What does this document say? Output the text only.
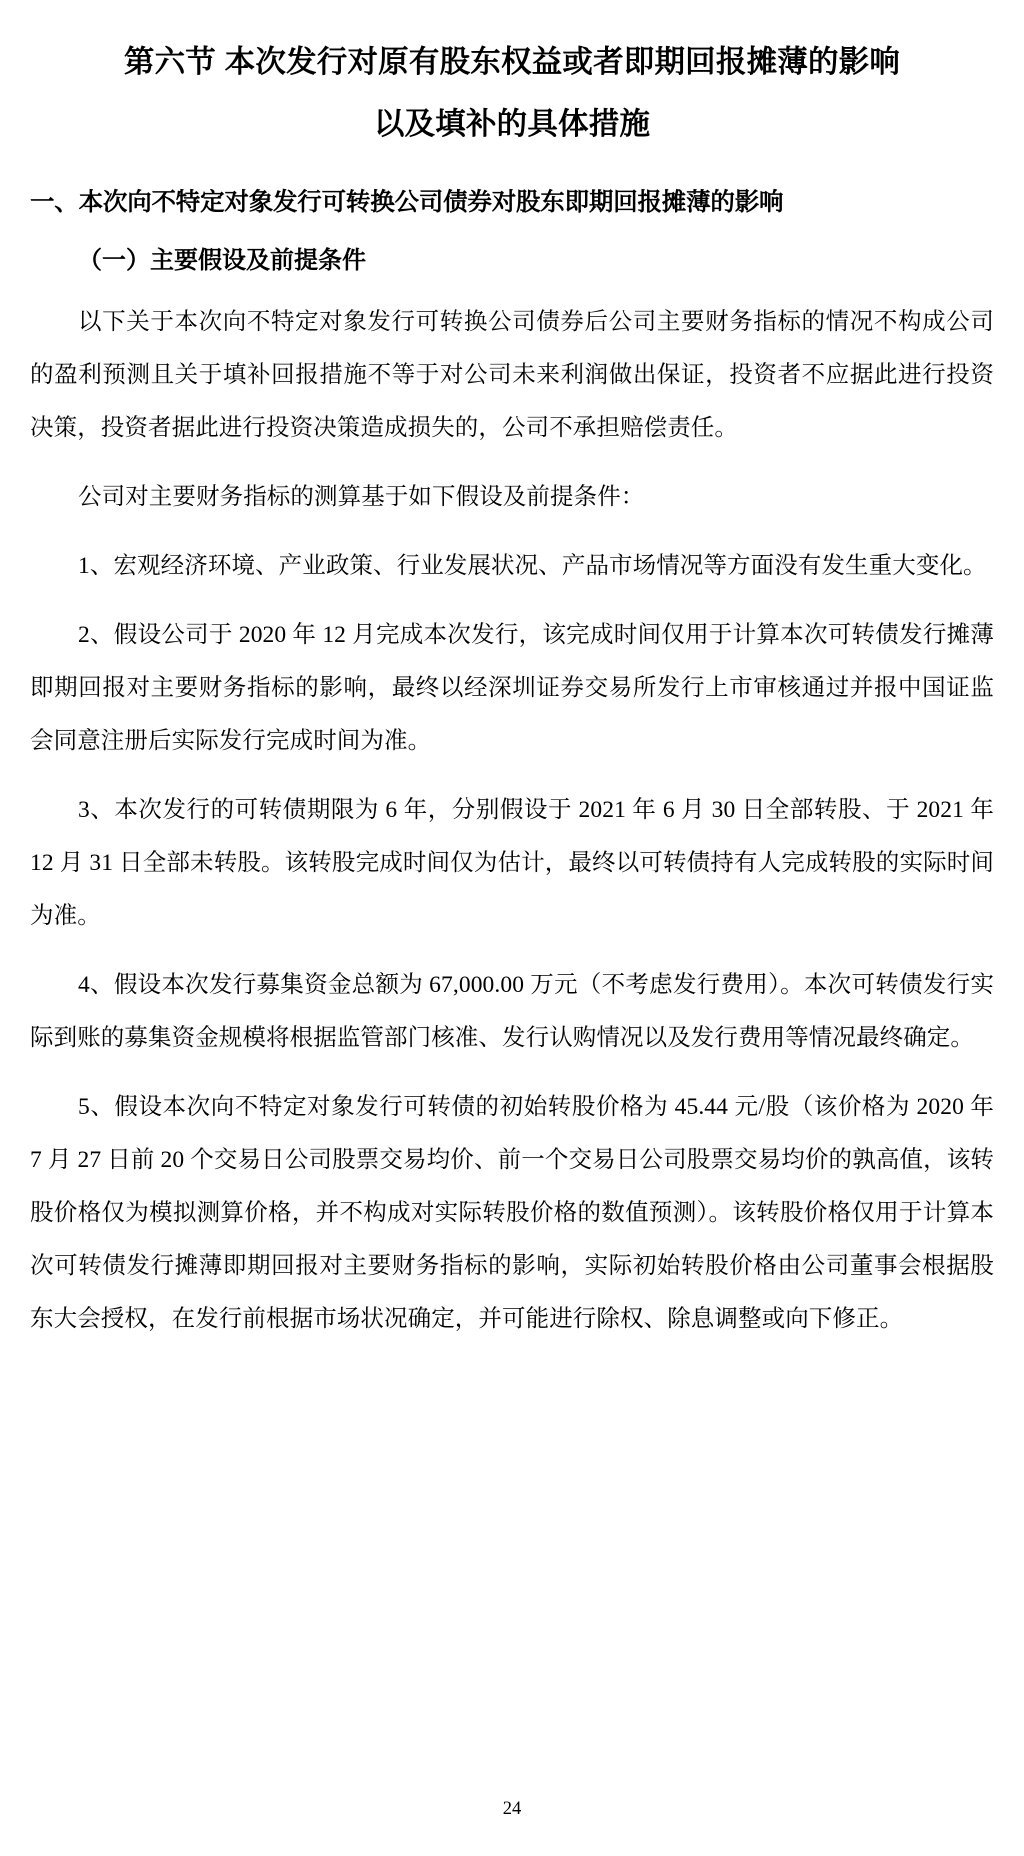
第六节 本次发行对原有股东权益或者即期回报摊薄的影响
以及填补的具体措施
一、本次向不特定对象发行可转换公司债券对股东即期回报摊薄的影响
（一）主要假设及前提条件

以下关于本次向不特定对象发行可转换公司债券后公司主要财务指标的情况不构成公司的盈利预测且关于填补回报措施不等于对公司未来利润做出保证，投资者不应据此进行投资决策，投资者据此进行投资决策造成损失的，公司不承担赔偿责任。

公司对主要财务指标的测算基于如下假设及前提条件：

1、宏观经济环境、产业政策、行业发展状况、产品市场情况等方面没有发生重大变化。

2、假设公司于 2020 年 12 月完成本次发行，该完成时间仅用于计算本次可转债发行摊薄即期回报对主要财务指标的影响，最终以经深圳证券交易所发行上市审核通过并报中国证监会同意注册后实际发行完成时间为准。

3、本次发行的可转债期限为 6 年，分别假设于 2021 年 6 月 30 日全部转股、于 2021 年 12 月 31 日全部未转股。该转股完成时间仅为估计，最终以可转债持有人完成转股的实际时间为准。

4、假设本次发行募集资金总额为 67,000.00 万元（不考虑发行费用）。本次可转债发行实际到账的募集资金规模将根据监管部门核准、发行认购情况以及发行费用等情况最终确定。

5、假设本次向不特定对象发行可转债的初始转股价格为 45.44 元/股（该价格为 2020 年 7 月 27 日前 20 个交易日公司股票交易均价、前一个交易日公司股票交易均价的孰高值，该转股价格仅为模拟测算价格，并不构成对实际转股价格的数值预测）。该转股价格仅用于计算本次可转债发行摊薄即期回报对主要财务指标的影响，实际初始转股价格由公司董事会根据股东大会授权，在发行前根据市场状况确定，并可能进行除权、除息调整或向下修正。

24
